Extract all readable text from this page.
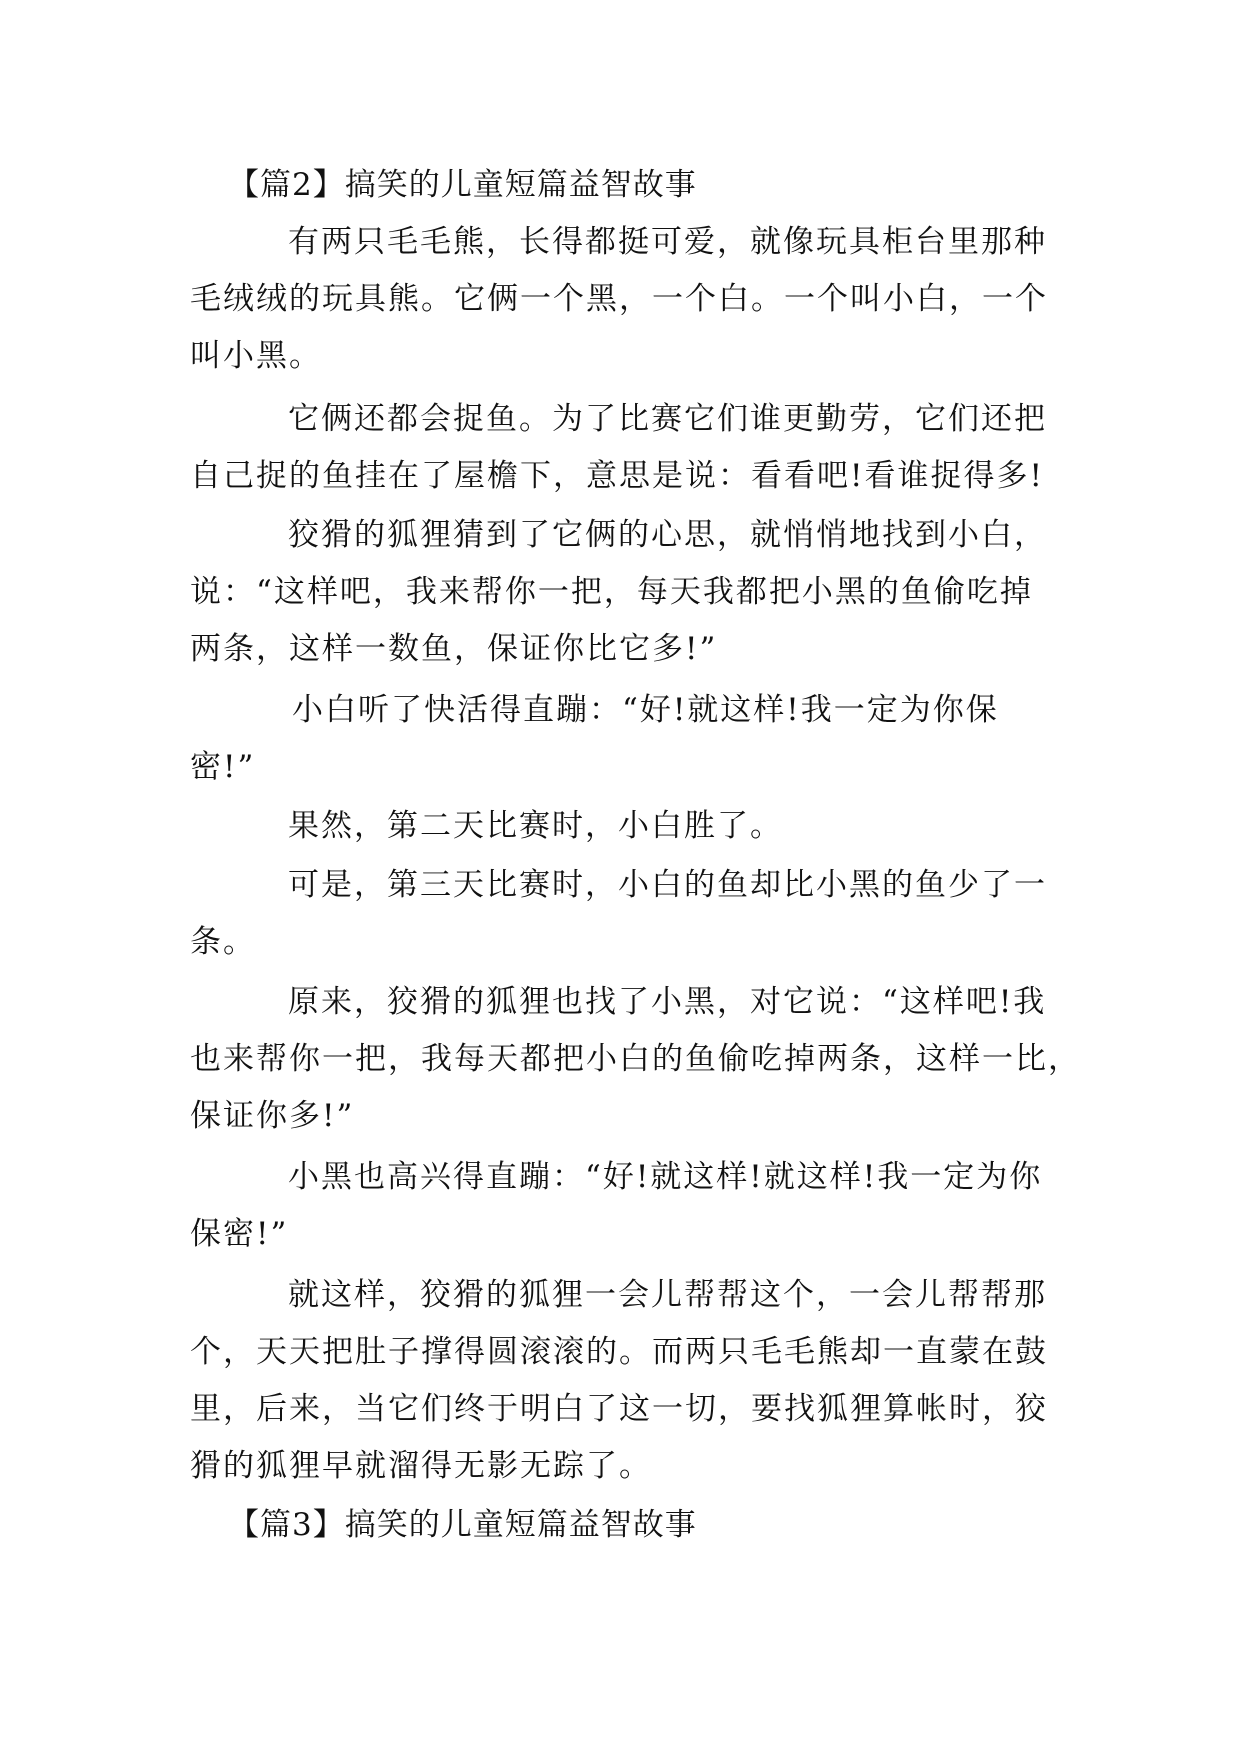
【篇2】搞笑的儿童短篇益智故事
有两只毛毛熊，长得都挺可爱，就像玩具柜台里那种
毛绒绒的玩具熊。它俩一个黑，一个白。一个叫小白，一个
叫小黑。
它俩还都会捉鱼。为了比赛它们谁更勤劳，它们还把
自己捉的鱼挂在了屋檐下，意思是说：看看吧!看谁捉得多!
狡猾的狐狸猜到了它俩的心思，就悄悄地找到小白，
说：“这样吧，我来帮你一把，每天我都把小黑的鱼偷吃掉
两条，这样一数鱼，保证你比它多!”
小白听了快活得直蹦：“好!就这样!我一定为你保
密!”
果然，第二天比赛时，小白胜了。
可是，第三天比赛时，小白的鱼却比小黑的鱼少了一
条。
原来，狡猾的狐狸也找了小黑，对它说：“这样吧!我
也来帮你一把，我每天都把小白的鱼偷吃掉两条，这样一比，
保证你多!”
小黑也高兴得直蹦：“好!就这样!就这样!我一定为你
保密!”
就这样，狡猾的狐狸一会儿帮帮这个，一会儿帮帮那
个，天天把肚子撑得圆滚滚的。而两只毛毛熊却一直蒙在鼓
里，后来，当它们终于明白了这一切，要找狐狸算帐时，狡
猾的狐狸早就溜得无影无踪了。
【篇3】搞笑的儿童短篇益智故事
